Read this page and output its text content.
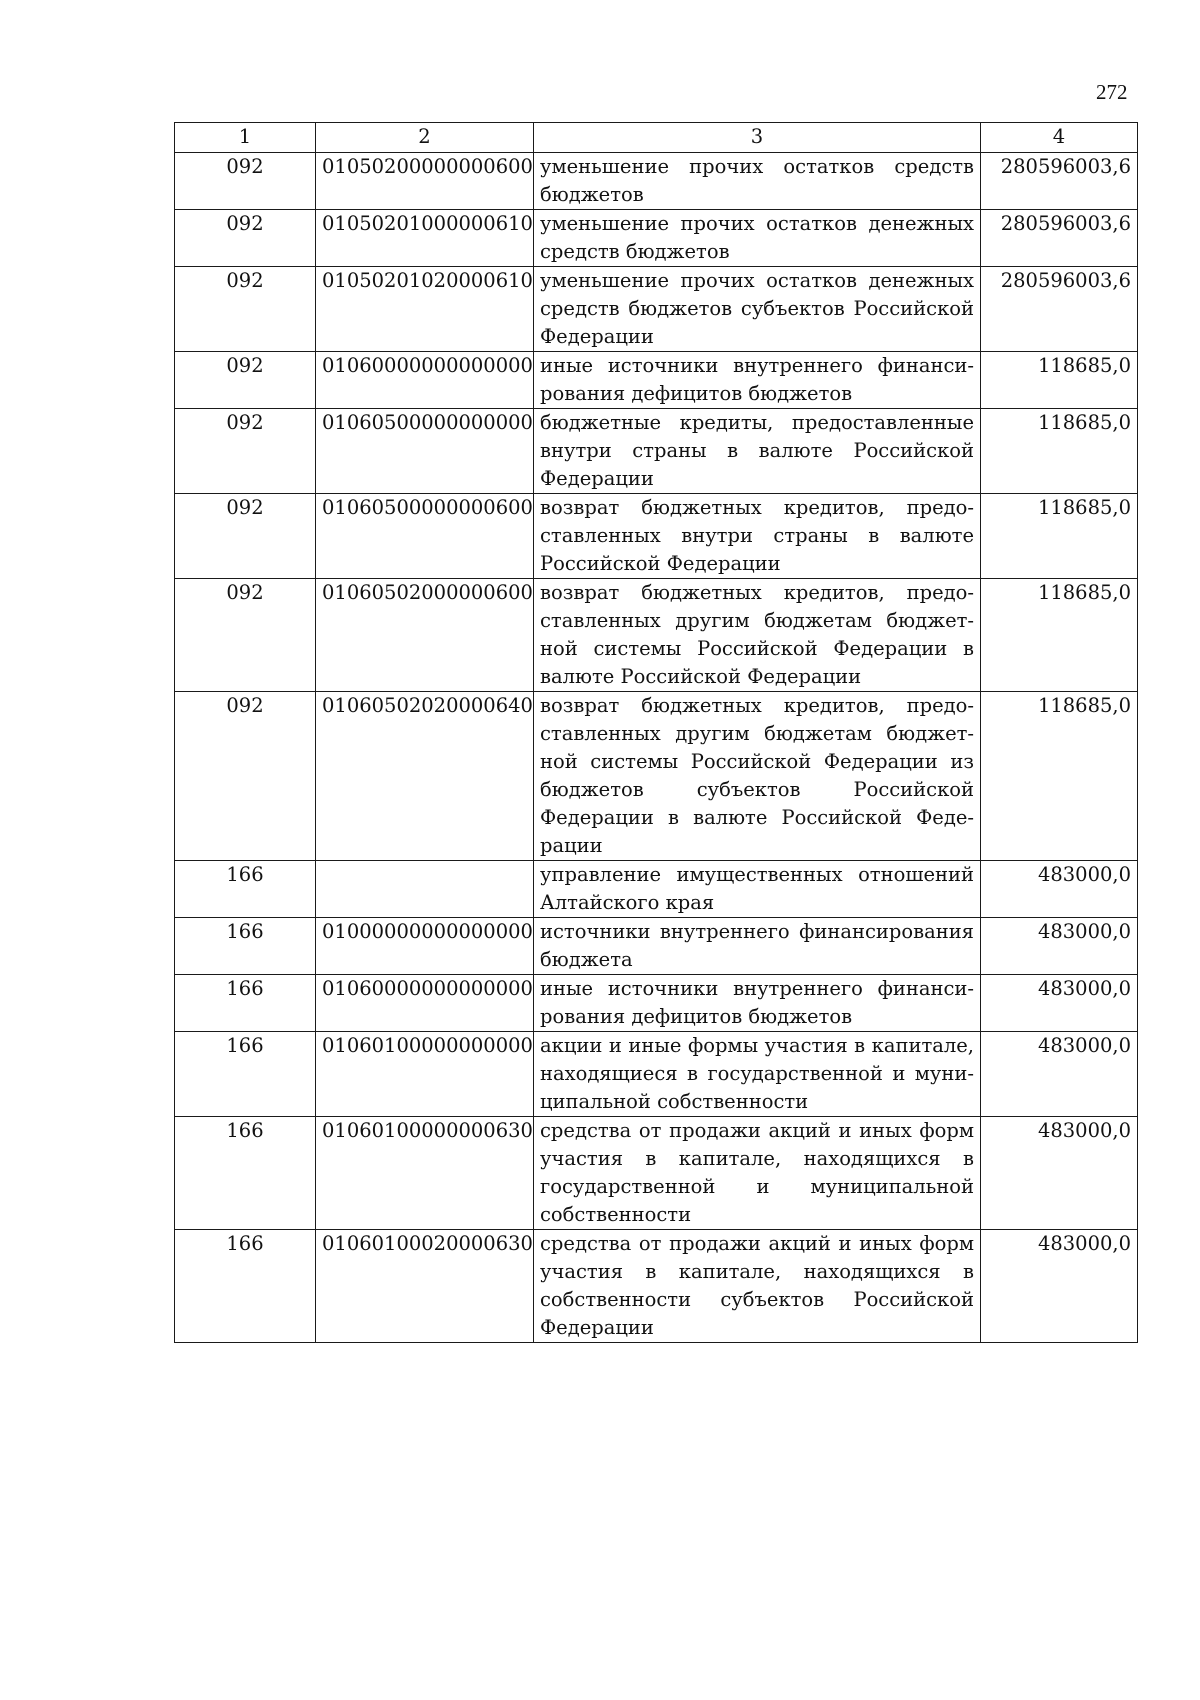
272
1	2	3	4
092	01050200000000600	уменьшение прочих остатков средств бюджетов	280596003,6
092	01050201000000610	уменьшение прочих остатков денежных средств бюджетов	280596003,6
092	01050201020000610	уменьшение прочих остатков денежных средств бюджетов субъектов Российской Федерации	280596003,6
092	01060000000000000	иные источники внутреннего финансирования дефицитов бюджетов	118685,0
092	01060500000000000	бюджетные кредиты, предоставленные внутри страны в валюте Российской Федерации	118685,0
092	01060500000000600	возврат бюджетных кредитов, предоставленных внутри страны в валюте Российской Федерации	118685,0
092	01060502000000600	возврат бюджетных кредитов, предоставленных другим бюджетам бюджетной системы Российской Федерации в валюте Российской Федерации	118685,0
092	01060502020000640	возврат бюджетных кредитов, предоставленных другим бюджетам бюджетной системы Российской Федерации из бюджетов субъектов Российской Федерации в валюте Российской Федерации	118685,0
166		управление имущественных отношений Алтайского края	483000,0
166	01000000000000000	источники внутреннего финансирования бюджета	483000,0
166	01060000000000000	иные источники внутреннего финансирования дефицитов бюджетов	483000,0
166	01060100000000000	акции и иные формы участия в капитале, находящиеся в государственной и муниципальной собственности	483000,0
166	01060100000000630	средства от продажи акций и иных форм участия в капитале, находящихся в государственной и муниципальной собственности	483000,0
166	01060100020000630	средства от продажи акций и иных форм участия в капитале, находящихся в собственности субъектов Российской Федерации	483000,0
